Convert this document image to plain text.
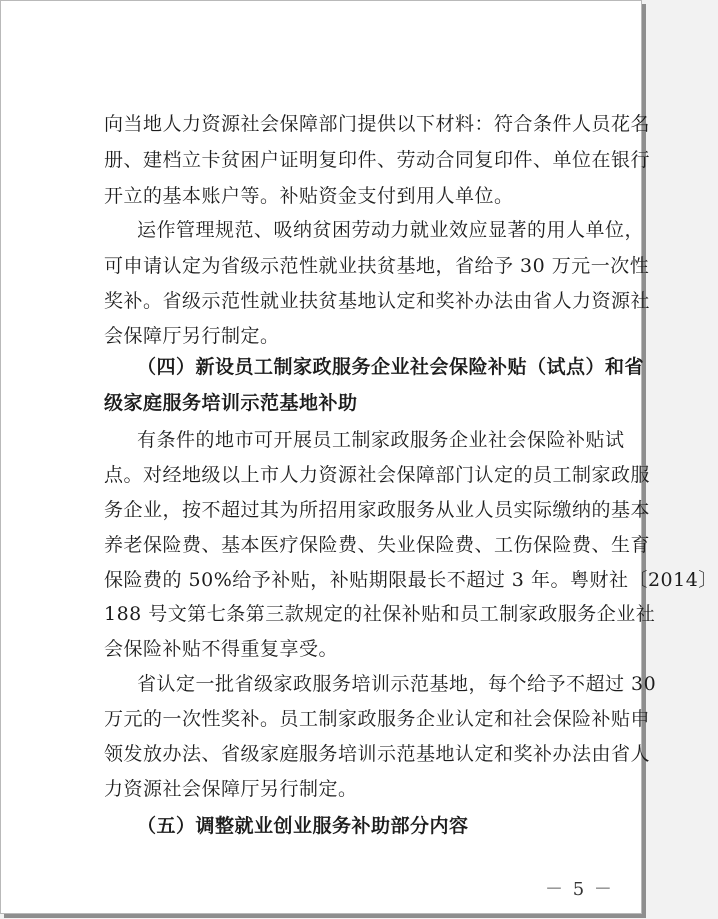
向当地人力资源社会保障部门提供以下材料：符合条件人员花名
册、建档立卡贫困户证明复印件、劳动合同复印件、单位在银行
开立的基本账户等。补贴资金支付到用人单位。
运作管理规范、吸纳贫困劳动力就业效应显著的用人单位，
可申请认定为省级示范性就业扶贫基地，省给予 30 万元一次性
奖补。省级示范性就业扶贫基地认定和奖补办法由省人力资源社
会保障厅另行制定。
（四）新设员工制家政服务企业社会保险补贴（试点）和省
级家庭服务培训示范基地补助
有条件的地市可开展员工制家政服务企业社会保险补贴试
点。对经地级以上市人力资源社会保障部门认定的员工制家政服
务企业，按不超过其为所招用家政服务从业人员实际缴纳的基本
养老保险费、基本医疗保险费、失业保险费、工伤保险费、生育
保险费的 50%给予补贴，补贴期限最长不超过 3 年。粤财社〔2014〕
188 号文第七条第三款规定的社保补贴和员工制家政服务企业社
会保险补贴不得重复享受。
省认定一批省级家政服务培训示范基地，每个给予不超过 30
万元的一次性奖补。员工制家政服务企业认定和社会保险补贴申
领发放办法、省级家庭服务培训示范基地认定和奖补办法由省人
力资源社会保障厅另行制定。
（五）调整就业创业服务补助部分内容
－ 5 －
